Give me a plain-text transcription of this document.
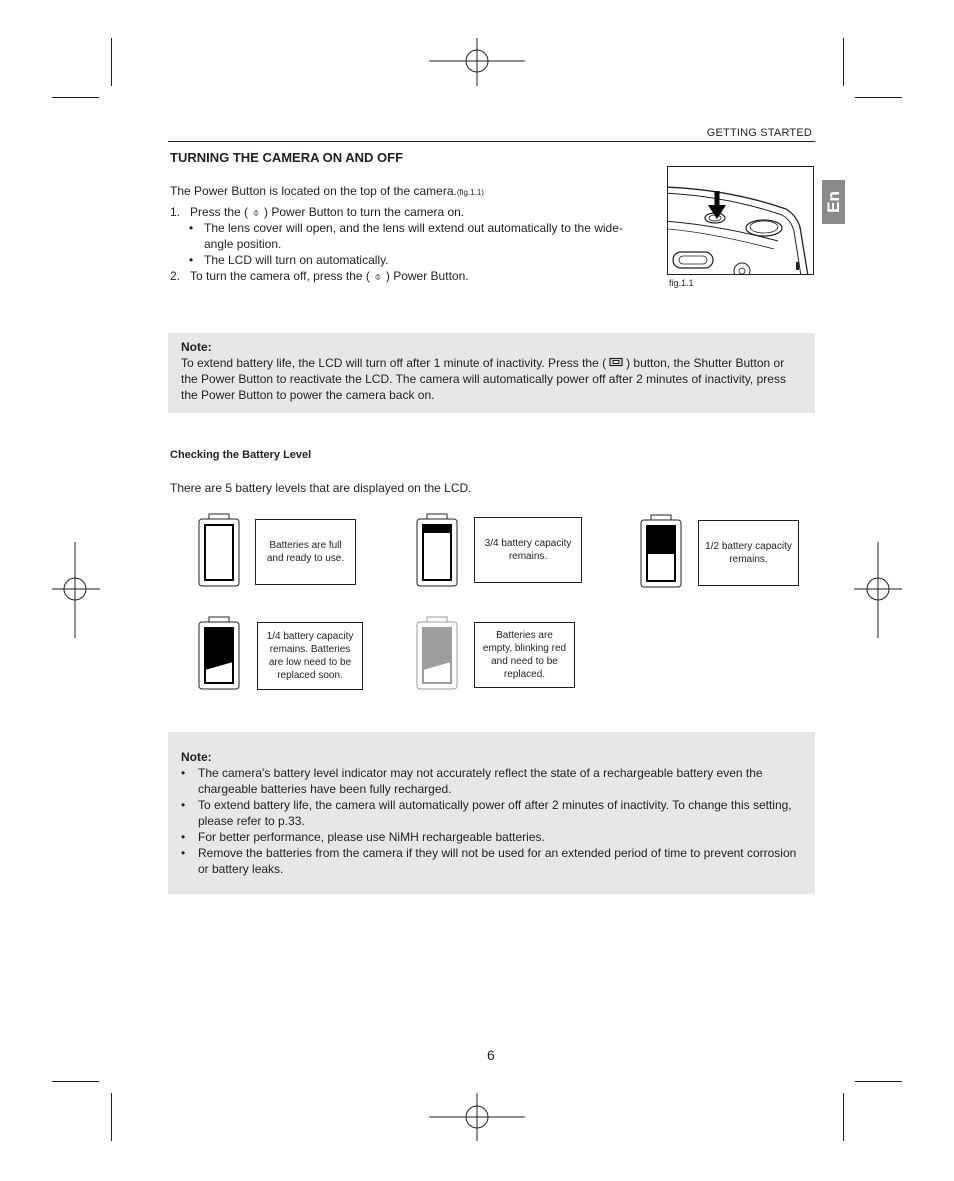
GETTING STARTED
En
TURNING THE CAMERA ON AND OFF
The Power Button is located on the top of the camera.(fig.1.1)
1. Press the ( ⌽ ) Power Button to turn the camera on.
• The lens cover will open, and the lens will extend out automatically to the wide-angle position.
• The LCD will turn on automatically.
2. To turn the camera off, press the ( ⌽ ) Power Button.	fig.1.1
Note:
To extend battery life, the LCD will turn off after 1 minute of inactivity. Press the ( ) button, the Shutter Button or the Power Button to reactivate the LCD. The camera will automatically power off after 2 minutes of inactivity, press the Power Button to power the camera back on.
Checking the Battery Level
There are 5 battery levels that are displayed on the LCD.
Batteries are full and ready to use.
3/4 battery capacity remains.
1/2 battery capacity remains.
1/4 battery capacity remains. Batteries are low need to be replaced soon.
Batteries are empty, blinking red and need to be replaced.
Note:
• The camera's battery level indicator may not accurately reflect the state of a rechargeable battery even the chargeable batteries have been fully recharged.
• To extend battery life, the camera will automatically power off after 2 minutes of inactivity. To change this setting, please refer to p.33.
• For better performance, please use NiMH rechargeable batteries.
• Remove the batteries from the camera if they will not be used for an extended period of time to prevent corrosion or battery leaks.
6
